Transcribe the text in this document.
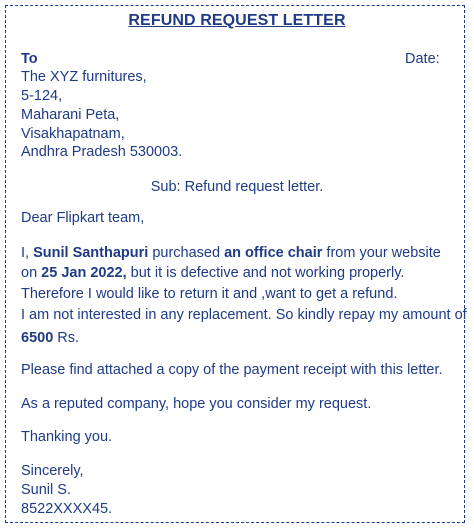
REFUND REQUEST LETTER
To	Date:
The XYZ furnitures,
5-124,
Maharani Peta,
Visakhapatnam,
Andhra Pradesh 530003.
Sub: Refund request letter.
Dear Flipkart team,
I, Sunil Santhapuri purchased an office chair from your website
on 25 Jan 2022, but it is defective and not working properly.
Therefore I would like to return it and ,want to get a refund.
I am not interested in any replacement. So kindly repay my amount of
6500 Rs.
Please find attached a copy of the payment receipt with this letter.
As a reputed company, hope you consider my request.
Thanking you.
Sincerely,
Sunil S.
8522XXXX45.
